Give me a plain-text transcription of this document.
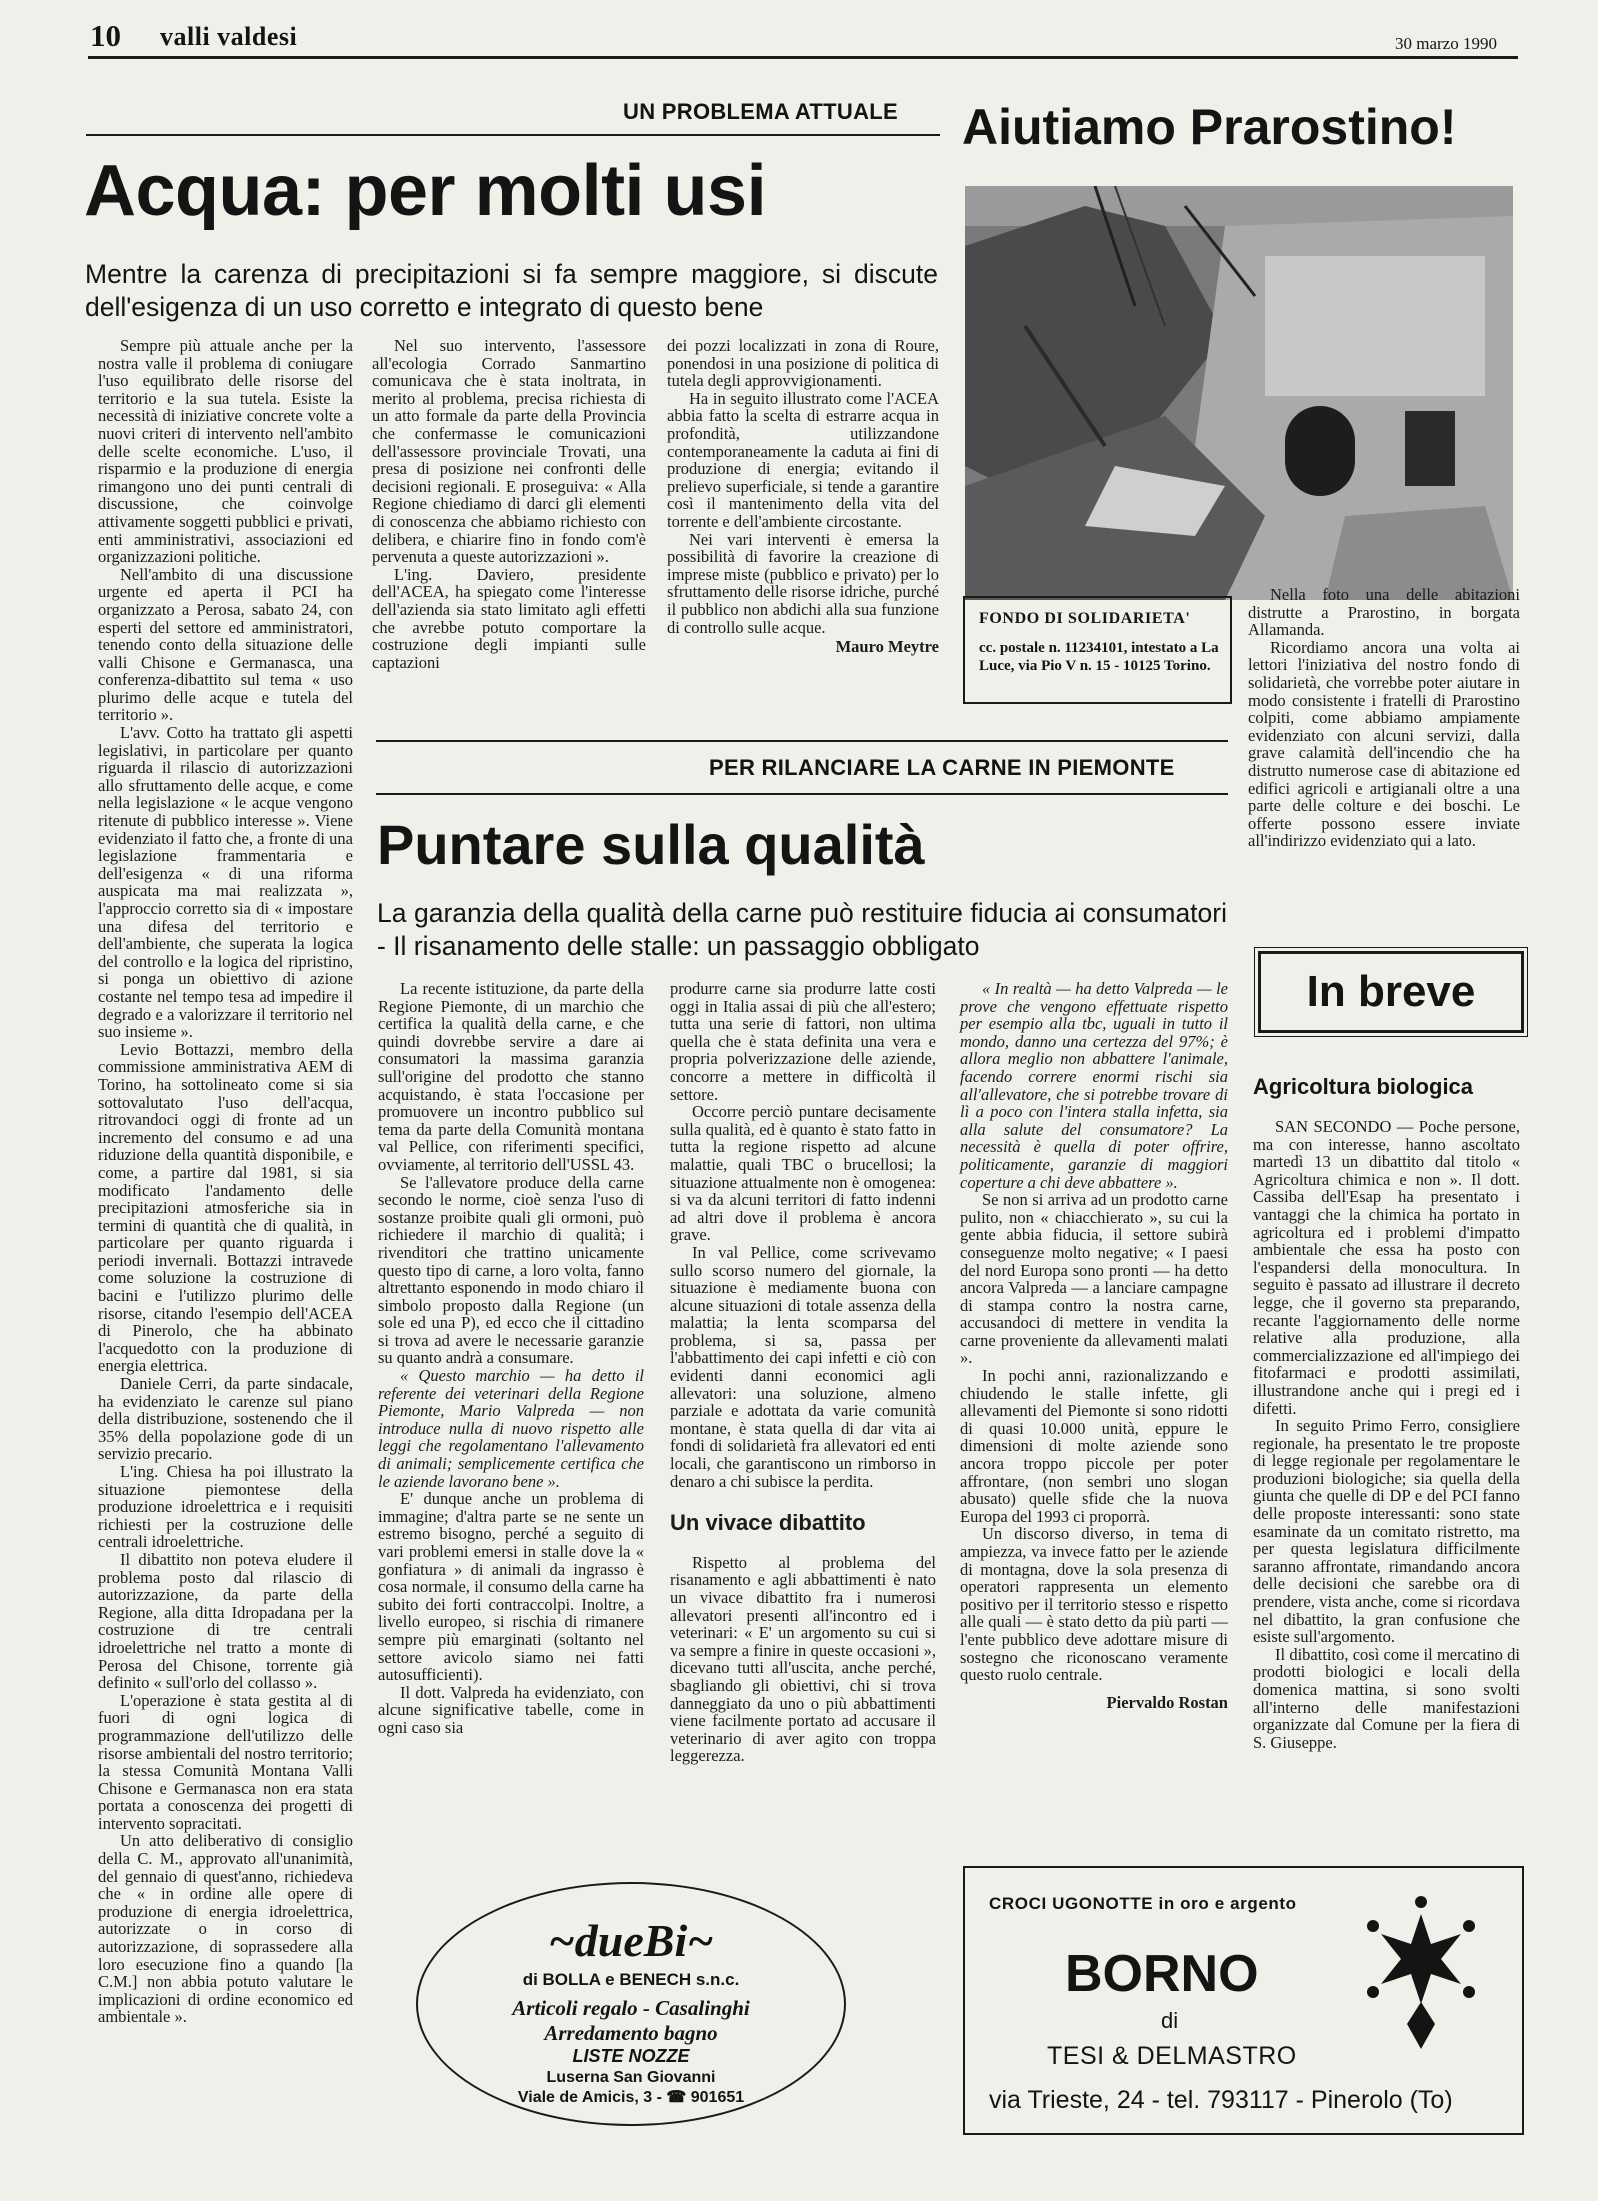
10 valli valdesi	30 marzo 1990
UN PROBLEMA ATTUALE
Acqua: per molti usi
Mentre la carenza di precipitazioni si fa sempre maggiore, si discute dell'esigenza di un uso corretto e integrato di questo bene

Sempre più attuale anche per la nostra valle il problema di coniugare l'uso equilibrato delle risorse del territorio e la sua tutela. Esiste la necessità di iniziative concrete volte a nuovi criteri di intervento nell'ambito delle scelte economiche. L'uso, il risparmio e la produzione di energia rimangono uno dei punti centrali di discussione, che coinvolge attivamente soggetti pubblici e privati, enti amministrativi, associazioni ed organizzazioni politiche.

Nell'ambito di una discussione urgente ed aperta il PCI ha organizzato a Perosa, sabato 24, con esperti del settore ed amministratori, tenendo conto della situazione delle valli Chisone e Germanasca, una conferenza-dibattito sul tema « uso plurimo delle acque e tutela del territorio ».

L'avv. Cotto ha trattato gli aspetti legislativi, in particolare per quanto riguarda il rilascio di autorizzazioni allo sfruttamento delle acque, e come nella legislazione « le acque vengono ritenute di pubblico interesse ». Viene evidenziato il fatto che, a fronte di una legislazione frammentaria e dell'esigenza « di una riforma auspicata ma mai realizzata », l'approccio corretto sia di « impostare una difesa del territorio e dell'ambiente, che superata la logica del controllo e la logica del ripristino, si ponga un obiettivo di azione costante nel tempo tesa ad impedire il degrado e a valorizzare il territorio nel suo insieme ».

Levio Bottazzi, membro della commissione amministrativa AEM di Torino, ha sottolineato come si sia sottovalutato l'uso dell'acqua, ritrovandoci oggi di fronte ad un incremento del consumo e ad una riduzione della quantità disponibile, e come, a partire dal 1981, si sia modificato l'andamento delle precipitazioni atmosferiche sia in termini di quantità che di qualità, in particolare per quanto riguarda i periodi invernali. Bottazzi intravede come soluzione la costruzione di bacini e l'utilizzo plurimo delle risorse, citando l'esempio dell'ACEA di Pinerolo, che ha abbinato l'acquedotto con la produzione di energia elettrica.

Daniele Cerri, da parte sindacale, ha evidenziato le carenze sul piano della distribuzione, sostenendo che il 35% della popolazione gode di un servizio precario.

L'ing. Chiesa ha poi illustrato la situazione piemontese della produzione idroelettrica e i requisiti richiesti per la costruzione delle centrali idroelettriche.

Il dibattito non poteva eludere il problema posto dal rilascio di autorizzazione, da parte della Regione, alla ditta Idropadana per la costruzione di tre centrali idroelettriche nel tratto a monte di Perosa del Chisone, torrente già definito « sull'orlo del collasso ».

L'operazione è stata gestita al di fuori di ogni logica di programmazione dell'utilizzo delle risorse ambientali del nostro territorio; la stessa Comunità Montana Valli Chisone e Germanasca non era stata portata a conoscenza dei progetti di intervento sopracitati.

Un atto deliberativo di consiglio della C. M., approvato all'unanimità, del gennaio di quest'anno, richiedeva che « in ordine alle opere di produzione di energia idroelettrica, autorizzate o in corso di autorizzazione, di soprassedere alla loro esecuzione fino a quando [la C.M.] non abbia potuto valutare le implicazioni di ordine economico ed ambientale ».

Nel suo intervento, l'assessore all'ecologia Corrado Sanmartino comunicava che è stata inoltrata, in merito al problema, precisa richiesta di un atto formale da parte della Provincia che confermasse le comunicazioni dell'assessore provinciale Trovati, una presa di posizione nei confronti delle decisioni regionali. E proseguiva: « Alla Regione chiediamo di darci gli elementi di conoscenza che abbiamo richiesto con delibera, e chiarire fino in fondo com'è pervenuta a queste autorizzazioni ».

L'ing. Daviero, presidente dell'ACEA, ha spiegato come l'interesse dell'azienda sia stato limitato agli effetti che avrebbe potuto comportare la costruzione degli impianti sulle captazioni

dei pozzi localizzati in zona di Roure, ponendosi in una posizione di politica di tutela degli approvvigionamenti.

Ha in seguito illustrato come l'ACEA abbia fatto la scelta di estrarre acqua in profondità, utilizzandone contemporaneamente la caduta ai fini di produzione di energia; evitando il prelievo superficiale, si tende a garantire così il mantenimento della vita del torrente e dell'ambiente circostante.

Nei vari interventi è emersa la possibilità di favorire la creazione di imprese miste (pubblico e privato) per lo sfruttamento delle risorse idriche, purché il pubblico non abdichi alla sua funzione di controllo sulle acque.

Mauro Meytre

Aiutiamo Prarostino!
FONDO DI SOLIDARIETA'
cc. postale n. 11234101, intestato a La Luce, via Pio V n. 15 - 10125 Torino.

Nella foto una delle abitazioni distrutte a Prarostino, in borgata Allamanda.

Ricordiamo ancora una volta ai lettori l'iniziativa del nostro fondo di solidarietà, che vorrebbe poter aiutare in modo consistente i fratelli di Prarostino colpiti, come abbiamo ampiamente evidenziato con alcuni servizi, dalla grave calamità dell'incendio che ha distrutto numerose case di abitazione ed edifici agricoli e artigianali oltre a una parte delle colture e dei boschi. Le offerte possono essere inviate all'indirizzo evidenziato qui a lato.

PER RILANCIARE LA CARNE IN PIEMONTE
Puntare sulla qualità
La garanzia della qualità della carne può restituire fiducia ai consumatori - Il risanamento delle stalle: un passaggio obbligato

La recente istituzione, da parte della Regione Piemonte, di un marchio che certifica la qualità della carne, e che quindi dovrebbe servire a dare ai consumatori la massima garanzia sull'origine del prodotto che stanno acquistando, è stata l'occasione per promuovere un incontro pubblico sul tema da parte della Comunità montana val Pellice, con riferimenti specifici, ovviamente, al territorio dell'USSL 43.

Se l'allevatore produce della carne secondo le norme, cioè senza l'uso di sostanze proibite quali gli ormoni, può richiedere il marchio di qualità; i rivenditori che trattino unicamente questo tipo di carne, a loro volta, fanno altrettanto esponendo in modo chiaro il simbolo proposto dalla Regione (un sole ed una P), ed ecco che il cittadino si trova ad avere le necessarie garanzie su quanto andrà a consumare.

« Questo marchio — ha detto il referente dei veterinari della Regione Piemonte, Mario Valpreda — non introduce nulla di nuovo rispetto alle leggi che regolamentano l'allevamento di animali; semplicemente certifica che le aziende lavorano bene ».

E' dunque anche un problema di immagine; d'altra parte se ne sente un estremo bisogno, perché a seguito di vari problemi emersi in stalle dove la « gonfiatura » di animali da ingrasso è cosa normale, il consumo della carne ha subito dei forti contraccolpi. Inoltre, a livello europeo, si rischia di rimanere sempre più emarginati (soltanto nel settore avicolo siamo nei fatti autosufficienti).

Il dott. Valpreda ha evidenziato, con alcune significative tabelle, come in ogni caso sia

produrre carne sia produrre latte costi oggi in Italia assai di più che all'estero; tutta una serie di fattori, non ultima quella che è stata definita una vera e propria polverizzazione delle aziende, concorre a mettere in difficoltà il settore.

Occorre perciò puntare decisamente sulla qualità, ed è quanto è stato fatto in tutta la regione rispetto ad alcune malattie, quali TBC o brucellosi; la situazione attualmente non è omogenea: si va da alcuni territori di fatto indenni ad altri dove il problema è ancora grave.

In val Pellice, come scrivevamo sullo scorso numero del giornale, la situazione è mediamente buona con alcune situazioni di totale assenza della malattia; la lenta scomparsa del problema, si sa, passa per l'abbattimento dei capi infetti e ciò con evidenti danni economici agli allevatori: una soluzione, almeno parziale e adottata da varie comunità montane, è stata quella di dar vita ai fondi di solidarietà fra allevatori ed enti locali, che garantiscono un rimborso in denaro a chi subisce la perdita.

Un vivace dibattito

Rispetto al problema del risanamento e agli abbattimenti è nato un vivace dibattito fra i numerosi allevatori presenti all'incontro ed i veterinari: « E' un argomento su cui si va sempre a finire in queste occasioni », dicevano tutti all'uscita, anche perché, sbagliando gli obiettivi, chi si trova danneggiato da uno o più abbattimenti viene facilmente portato ad accusare il veterinario di aver agito con troppa leggerezza.

« In realtà — ha detto Valpreda — le prove che vengono effettuate rispetto per esempio alla tbc, uguali in tutto il mondo, danno una certezza del 97%; è allora meglio non abbattere l'animale, facendo correre enormi rischi sia all'allevatore, che si potrebbe trovare di lì a poco con l'intera stalla infetta, sia alla salute del consumatore? La necessità è quella di poter offrire, politicamente, garanzie di maggiori coperture a chi deve abbattere ».

Se non si arriva ad un prodotto carne pulito, non « chiacchierato », su cui la gente abbia fiducia, il settore subirà conseguenze molto negative; « I paesi del nord Europa sono pronti — ha detto ancora Valpreda — a lanciare campagne di stampa contro la nostra carne, accusandoci di mettere in vendita la carne proveniente da allevamenti malati ».

In pochi anni, razionalizzando e chiudendo le stalle infette, gli allevamenti del Piemonte si sono ridotti di quasi 10.000 unità, eppure le dimensioni di molte aziende sono ancora troppo piccole per poter affrontare, (non sembri uno slogan abusato) quelle sfide che la nuova Europa del 1993 ci proporrà.

Un discorso diverso, in tema di ampiezza, va invece fatto per le aziende di montagna, dove la sola presenza di operatori rappresenta un elemento positivo per il territorio stesso e rispetto alle quali — è stato detto da più parti — l'ente pubblico deve adottare misure di sostegno che riconoscano veramente questo ruolo centrale.

Piervaldo Rostan

In breve
Agricoltura biologica

SAN SECONDO — Poche persone, ma con interesse, hanno ascoltato martedì 13 un dibattito dal titolo « Agricoltura chimica e non ». Il dott. Cassiba dell'Esap ha presentato i vantaggi che la chimica ha portato in agricoltura ed i problemi d'impatto ambientale che essa ha posto con l'espandersi della monocultura. In seguito è passato ad illustrare il decreto legge, che il governo sta preparando, recante l'aggiornamento delle norme relative alla produzione, alla commercializzazione ed all'impiego dei fitofarmaci e prodotti assimilati, illustrandone anche qui i pregi ed i difetti.

In seguito Primo Ferro, consigliere regionale, ha presentato le tre proposte di legge regionale per regolamentare le produzioni biologiche; sia quella della giunta che quelle di DP e del PCI fanno delle proposte interessanti: sono state esaminate da un comitato ristretto, ma per questa legislatura difficilmente saranno affrontate, rimandando ancora delle decisioni che sarebbe ora di prendere, vista anche, come si ricordava nel dibattito, la gran confusione che esiste sull'argomento.

Il dibattito, così come il mercatino di prodotti biologici e locali della domenica mattina, si sono svolti all'interno delle manifestazioni organizzate dal Comune per la fiera di S. Giuseppe.

~dueBi~
di BOLLA e BENECH s.n.c.
Articoli regalo - Casalinghi
Arredamento bagno
LISTE NOZZE
Luserna San Giovanni
Viale de Amicis, 3 - ☎ 901651
CROCI UGONOTTE in oro e argento
BORNO
di
TESI & DELMASTRO
via Trieste, 24 - tel. 793117 - Pinerolo (To)
